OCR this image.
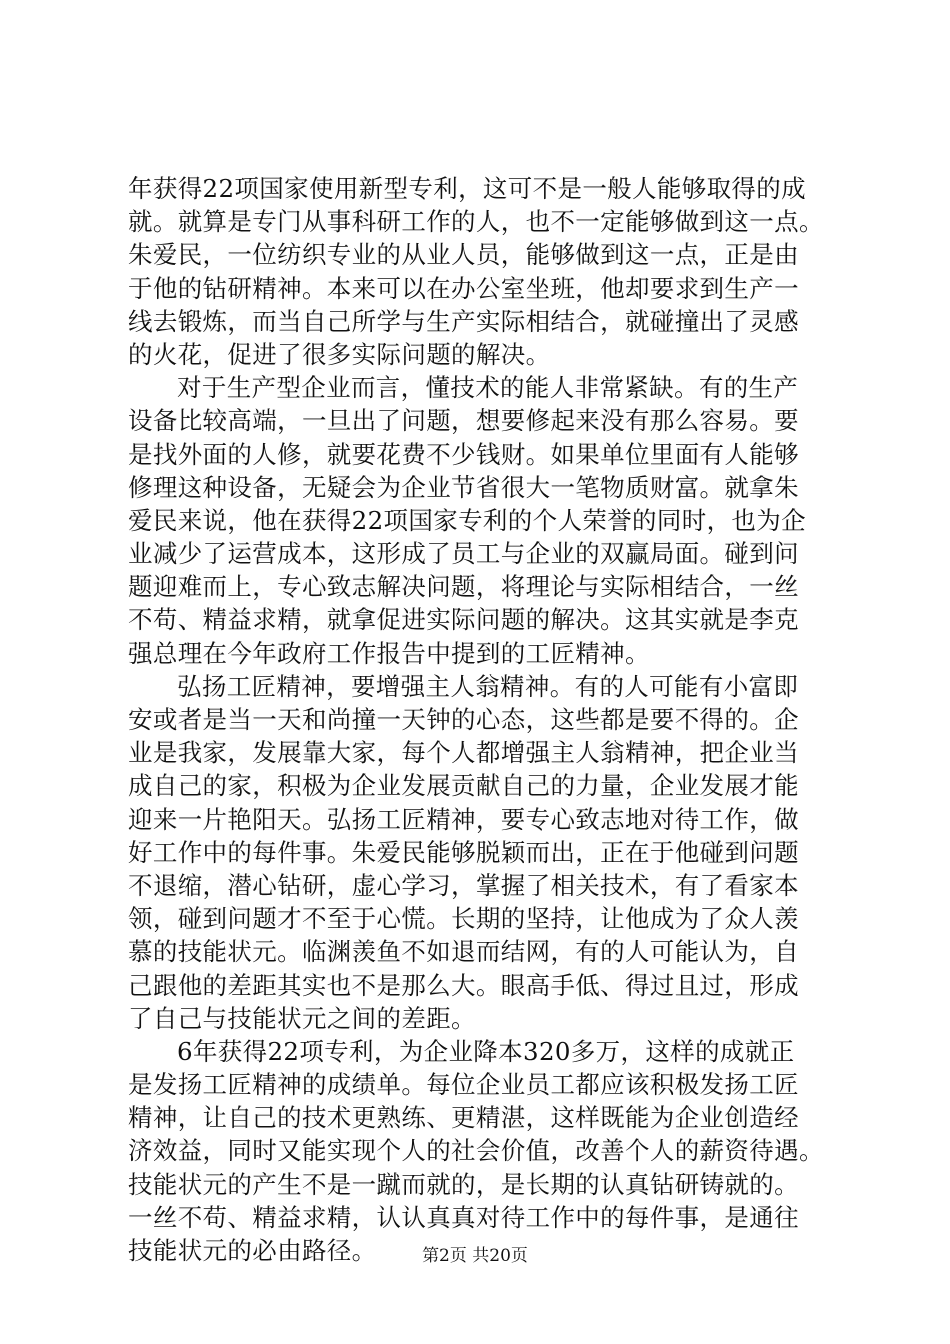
年获得22项国家使用新型专利，这可不是一般人能够取得的成
就。就算是专门从事科研工作的人，也不一定能够做到这一点。
朱爱民，一位纺织专业的从业人员，能够做到这一点，正是由
于他的钻研精神。本来可以在办公室坐班，他却要求到生产一
线去锻炼，而当自己所学与生产实际相结合，就碰撞出了灵感
的火花，促进了很多实际问题的解决。
对于生产型企业而言，懂技术的能人非常紧缺。有的生产
设备比较高端，一旦出了问题，想要修起来没有那么容易。要
是找外面的人修，就要花费不少钱财。如果单位里面有人能够
修理这种设备，无疑会为企业节省很大一笔物质财富。就拿朱
爱民来说，他在获得22项国家专利的个人荣誉的同时，也为企
业减少了运营成本，这形成了员工与企业的双赢局面。碰到问
题迎难而上，专心致志解决问题，将理论与实际相结合，一丝
不苟、精益求精，就拿促进实际问题的解决。这其实就是李克
强总理在今年政府工作报告中提到的工匠精神。
弘扬工匠精神，要增强主人翁精神。有的人可能有小富即
安或者是当一天和尚撞一天钟的心态，这些都是要不得的。企
业是我家，发展靠大家，每个人都增强主人翁精神，把企业当
成自己的家，积极为企业发展贡献自己的力量，企业发展才能
迎来一片艳阳天。弘扬工匠精神，要专心致志地对待工作，做
好工作中的每件事。朱爱民能够脱颖而出，正在于他碰到问题
不退缩，潜心钻研，虚心学习，掌握了相关技术，有了看家本
领，碰到问题才不至于心慌。长期的坚持，让他成为了众人羡
慕的技能状元。临渊羡鱼不如退而结网，有的人可能认为，自
己跟他的差距其实也不是那么大。眼高手低、得过且过，形成
了自己与技能状元之间的差距。
6年获得22项专利，为企业降本320多万，这样的成就正
是发扬工匠精神的成绩单。每位企业员工都应该积极发扬工匠
精神，让自己的技术更熟练、更精湛，这样既能为企业创造经
济效益，同时又能实现个人的社会价值，改善个人的薪资待遇。
技能状元的产生不是一蹴而就的，是长期的认真钻研铸就的。
一丝不苟、精益求精，认认真真对待工作中的每件事，是通往
技能状元的必由路径。	第2页 共20页
